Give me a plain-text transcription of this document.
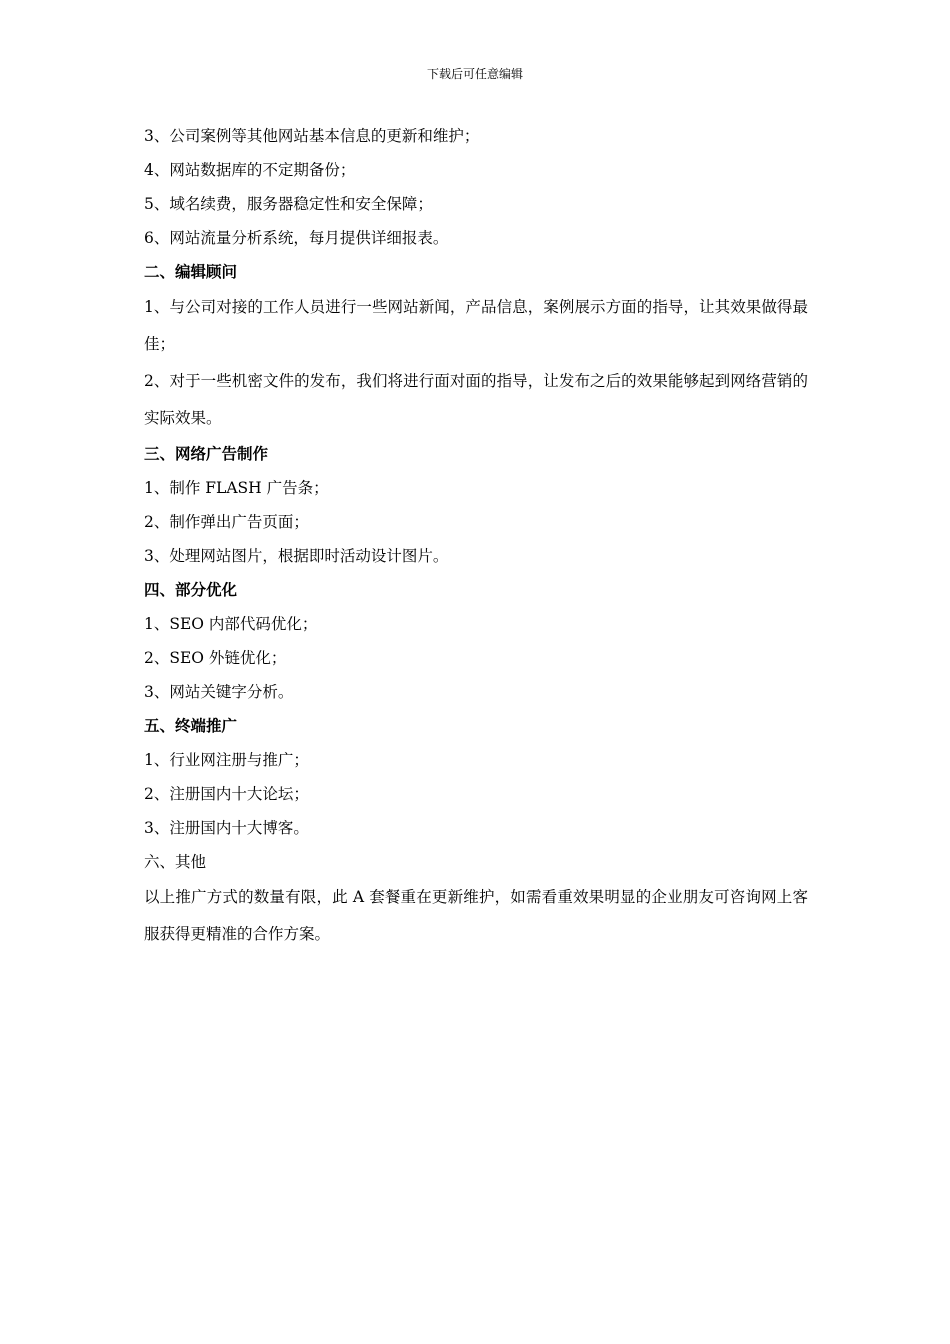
下载后可任意编辑
3、公司案例等其他网站基本信息的更新和维护；
4、网站数据库的不定期备份；
5、域名续费，服务器稳定性和安全保障；
6、网站流量分析系统，每月提供详细报表。
二、编辑顾问
1、与公司对接的工作人员进行一些网站新闻，产品信息，案例展示方面的指导，让其效果做得最佳；
2、对于一些机密文件的发布，我们将进行面对面的指导，让发布之后的效果能够起到网络营销的实际效果。
三、网络广告制作
1、制作 FLASH 广告条；
2、制作弹出广告页面；
3、处理网站图片，根据即时活动设计图片。
四、部分优化
1、SEO 内部代码优化；
2、SEO 外链优化；
3、网站关键字分析。
五、终端推广
1、行业网注册与推广；
2、注册国内十大论坛；
3、注册国内十大博客。
六、其他
以上推广方式的数量有限，此 A 套餐重在更新维护，如需看重效果明显的企业朋友可咨询网上客服获得更精准的合作方案。
